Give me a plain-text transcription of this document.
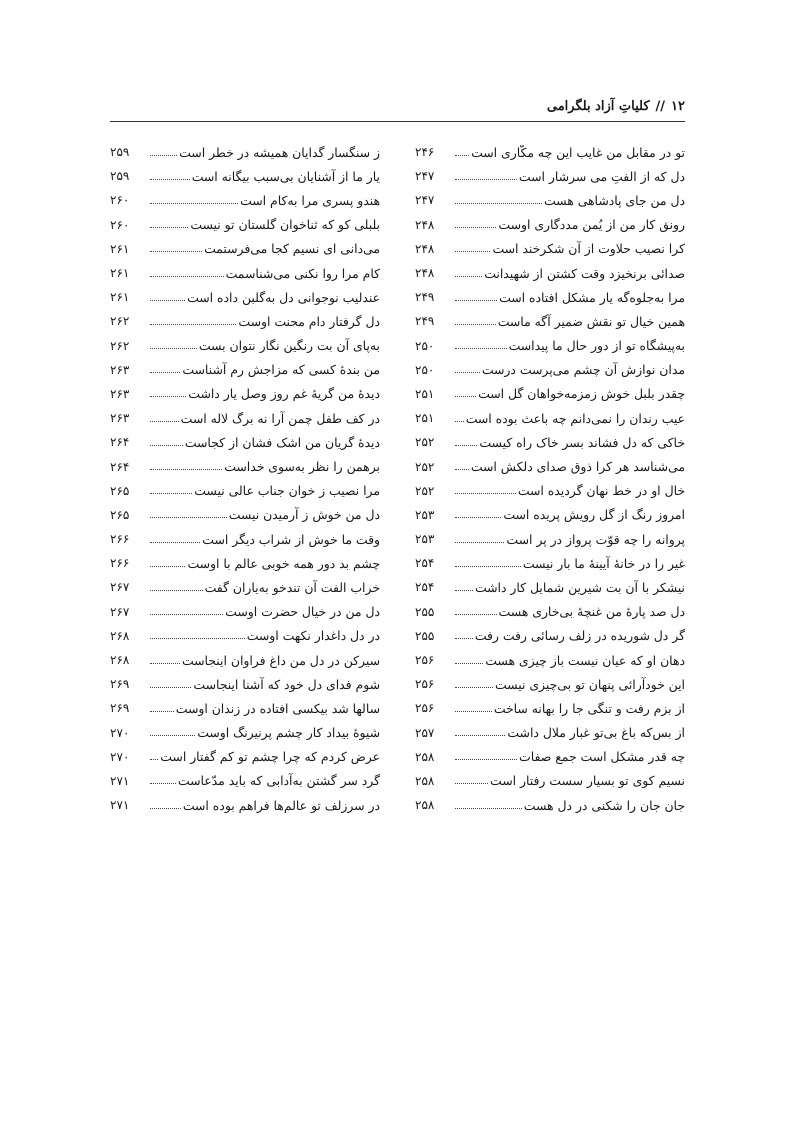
۱۲
//
کلیاتِ آزاد بلگرامی
تو در مقابل من غایب این چه مکّاری است
۲۴۶
دل که از الفتِ می سرشار است
۲۴۷
دل من جای پادشاهی هست
۲۴۷
رونق کار من از یُمن مددگاری اوست
۲۴۸
کرا نصیب حلاوت از آن شکرخند است
۲۴۸
صدائی برنخیزد وقت کشتن از شهیدانت
۲۴۸
مرا به‌جلوه‌گه یار مشکل افتاده است
۲۴۹
همین خیال تو نقش ضمیر آگه ماست
۲۴۹
به‌پیشگاه تو از دور حال ما پیداست
۲۵۰
مدان نوازش آن چشم می‌پرست درست
۲۵۰
چقدر بلبل خوش زمزمه‌خواهان گل است
۲۵۱
عیب رندان را نمی‌دانم چه باعث بوده است
۲۵۱
خاکی که دل فشاند بسر خاک راه کیست
۲۵۲
می‌شناسد هر کرا ذوق صدای دلکش است
۲۵۲
خال او در خط نهان گردیده است
۲۵۲
امروز رنگ از گل رویش پریده است
۲۵۳
پروانه را چه قوّت پرواز در پر است
۲۵۳
غیر را در خانهٔ آیینهٔ ما بار نیست
۲۵۴
نیشکر با آن بت شیرین شمایل کار داشت
۲۵۴
دل صد پارهٔ من غنچهٔ بی‌خاری هست
۲۵۵
گر دل شوریده در زلف رسائی رفت رفت
۲۵۵
دهان او که عیان نیست باز چیزی هست
۲۵۶
این خودآرائی پنهان تو بی‌چیزی نیست
۲۵۶
از بزم رفت و تنگی جا را بهانه ساخت
۲۵۶
از بس‌که باغ بی‌تو غبار ملال داشت
۲۵۷
چه قدر مشکل است جمع صفات
۲۵۸
نسیم کوی تو بسیار سست رفتار است
۲۵۸
جان جان را شکنی در دل هست
۲۵۸
ز سنگسار گدایان همیشه در خطر است
۲۵۹
یار ما از آشنایان بی‌سبب بیگانه است
۲۵۹
هندو پسری مرا به‌کام است
۲۶۰
بلبلی کو که ثناخوان گلستان تو نیست
۲۶۰
می‌دانی ای نسیم کجا می‌فرستمت
۲۶۱
کام مرا روا نکنی می‌شناسمت
۲۶۱
عندلیب نوجوانی دل به‌گلبن داده است
۲۶۱
دل گرفتار دام محنت اوست
۲۶۲
به‌پای آن بت رنگین نگار نتوان بست
۲۶۲
من بندهٔ کسی که مزاجش رم آشناست
۲۶۳
دیدهٔ من گریهٔ غم روز وصل یار داشت
۲۶۳
در کف طفل چمن آرا نه برگ لاله است
۲۶۳
دیدهٔ گریان من اشک فشان از کجاست
۲۶۴
برهمن را نظر به‌سوی خداست
۲۶۴
مرا نصیب ز خوان جناب عالی نیست
۲۶۵
دل من خوش ز آرمیدن نیست
۲۶۵
وقت ما خوش از شرابِ دیگر است
۲۶۶
چشم بد دور همه خوبی عالم با اوست
۲۶۶
خراب الفت آن تندخو به‌یاران گفت
۲۶۷
دل من در خیال حضرت اوست
۲۶۷
در دل داغدار نکهت اوست
۲۶۸
سیرکن در دل من داغ فراوان اینجاست
۲۶۸
شوم فدای دل خود که آشنا اینجاست
۲۶۹
سالها شد بیکسی افتاده در زندان اوست
۲۶۹
شیوهٔ بیداد کار چشم پرنیرنگ اوست
۲۷۰
عرض کردم که چرا چشم تو کم گفتار است
۲۷۰
گرد سر گشتن به‌آدابی که باید مدّعاست
۲۷۱
در سرزلف تو عالم‌ها فراهم بوده است
۲۷۱
